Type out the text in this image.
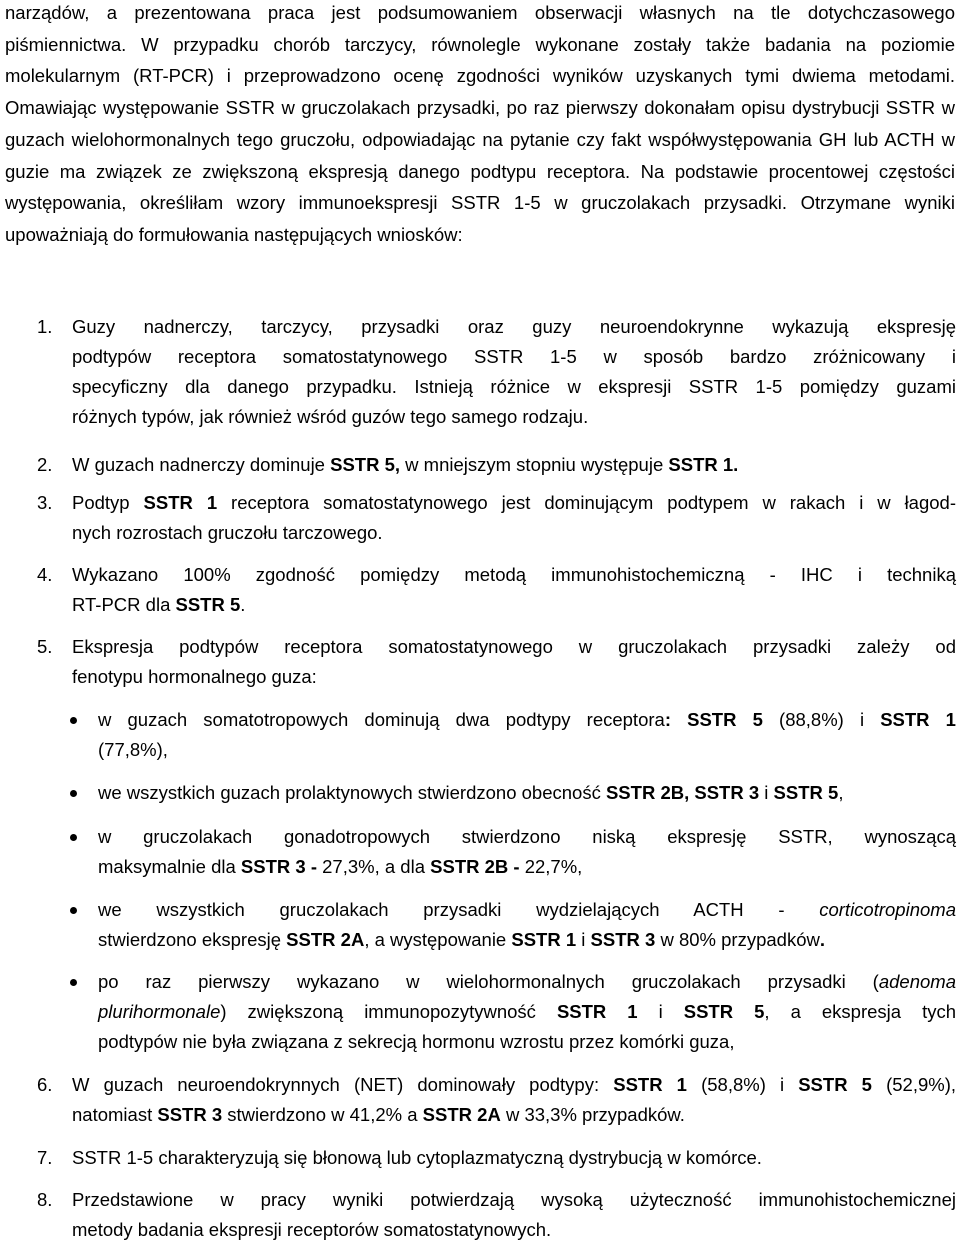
narządów, a prezentowana praca jest podsumowaniem obserwacji własnych na tle dotychczasowego piśmiennictwa. W przypadku chorób tarczycy, równolegle wykonane zostały także badania na poziomie molekularnym (RT-PCR) i przeprowadzono ocenę zgodności wyników uzyskanych tymi dwiema metodami. Omawiając występowanie SSTR w gruczolakach przysadki, po raz pierwszy dokonałam opisu dystrybucji SSTR w guzach wielohormonalnych tego gruczołu, odpowiadając na pytanie czy fakt współwystępowania GH lub ACTH w guzie ma związek ze zwiększoną ekspresją danego podtypu receptora. Na podstawie procentowej częstości występowania, określiłam wzory immunoekspresji SSTR 1-5 w gruczolakach przysadki. Otrzymane wyniki upoważniają do formułowania następujących wniosków:

1. Guzy nadnerczy, tarczycy, przysadki oraz guzy neuroendokrynne wykazują ekspresję
podtypów receptora somatostatynowego SSTR 1-5 w sposób bardzo zróżnicowany i
specyficzny dla danego przypadku. Istnieją różnice w ekspresji SSTR 1-5 pomiędzy guzami
różnych typów, jak również wśród guzów tego samego rodzaju.
2. W guzach nadnerczy dominuje SSTR 5, w mniejszym stopniu występuje SSTR 1.
3. Podtyp SSTR 1 receptora somatostatynowego jest dominującym podtypem w rakach i w łagod-
nych rozrostach gruczołu tarczowego.
4. Wykazano 100% zgodność pomiędzy metodą immunohistochemiczną - IHC i techniką
RT-PCR dla SSTR 5.
5. Ekspresja podtypów receptora somatostatynowego w gruczolakach przysadki zależy od
fenotypu hormonalnego guza:
6. W guzach neuroendokrynnych (NET) dominowały podtypy: SSTR 1 (58,8%) i SSTR 5 (52,9%),
natomiast SSTR 3 stwierdzono w 41,2% a SSTR 2A w 33,3% przypadków.
7. SSTR 1-5 charakteryzują się błonową lub cytoplazmatyczną dystrybucją w komórce.
8. Przedstawione w pracy wyniki potwierdzają wysoką użyteczność immunohistochemicznej
metody badania ekspresji receptorów somatostatynowych.
w guzach somatotropowych dominują dwa podtypy receptora: SSTR 5 (88,8%) i SSTR 1
(77,8%),
we wszystkich guzach prolaktynowych stwierdzono obecność SSTR 2B, SSTR 3 i SSTR 5,
w gruczolakach gonadotropowych stwierdzono niską ekspresję SSTR, wynoszącą
maksymalnie dla SSTR 3 - 27,3%, a dla SSTR 2B - 22,7%,
we wszystkich gruczolakach przysadki wydzielających ACTH - corticotropinoma
stwierdzono ekspresję SSTR 2A, a występowanie SSTR 1 i SSTR 3 w 80% przypadków.
po raz pierwszy wykazano w wielohormonalnych gruczolakach przysadki (adenoma
plurihormonale) zwiększoną immunopozytywność SSTR 1 i SSTR 5, a ekspresja tych
podtypów nie była związana z sekrecją hormonu wzrostu przez komórki guza,
